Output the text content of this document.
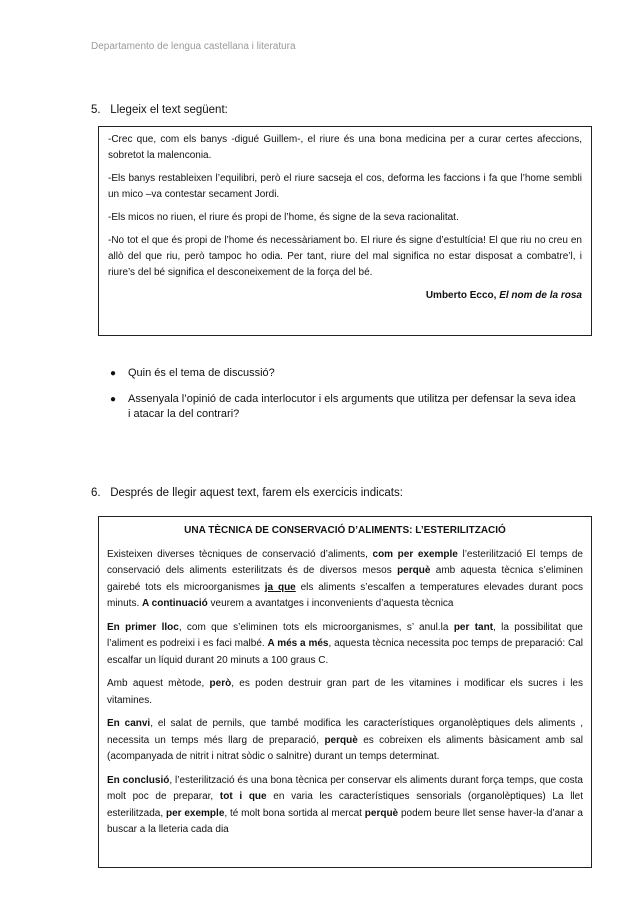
Departamento de lengua castellana i literatura
5. Llegeix el text següent:

-Crec que, com els banys -digué Guillem-, el riure és una bona medicina per a curar certes afeccions, sobretot la malenconia.

-Els banys restableixen l’equilibri, però el riure sacseja el cos, deforma les faccions i fa que l’home sembli un mico –va contestar secament Jordi.

-Els micos no riuen, el riure és propi de l’home, és signe de la seva racionalitat.

-No tot el que és propi de l’home és necessàriament bo. El riure és signe d’estultícia! El que riu no creu en allò del que riu, però tampoc ho odia. Per tant, riure del mal significa no estar disposat a combatre’l, i riure’s del bé significa el desconeixement de la força del bé.

Umberto Ecco, El nom de la rosa

● Quin és el tema de discussió?
● Assenyala l’opinió de cada interlocutor i els arguments que utilitza per defensar la seva idea i atacar la del contrari?
6. Després de llegir aquest text, farem els exercicis indicats:

UNA TÈCNICA DE CONSERVACIÓ D’ALIMENTS: L’ESTERILITZACIÓ

Existeixen diverses tècniques de conservació d’aliments, com per exemple l’esterilització El temps de conservació dels aliments esterilitzats és de diversos mesos perquè amb aquesta tècnica s’eliminen gairebé tots els microorganismes ja que els aliments s’escalfen a temperatures elevades durant pocs minuts. A continuació veurem a avantatges i inconvenients d’aquesta tècnica

En primer lloc, com que s’eliminen tots els microorganismes, s’ anul.la per tant, la possibilitat que l’aliment es podreixi i es faci malbé. A més a més, aquesta tècnica necessita poc temps de preparació: Cal escalfar un líquid durant 20 minuts a 100 graus C.

Amb aquest mètode, però, es poden destruir gran part de les vitamines i modificar els sucres i les vitamines.

En canvi, el salat de pernils, que també modifica les característiques organolèptiques dels aliments , necessita un temps més llarg de preparació, perquè es cobreixen els aliments bàsicament amb sal (acompanyada de nitrit i nitrat sòdic o salnitre) durant un temps determinat.

En conclusió, l’esterilització és una bona tècnica per conservar els aliments durant força temps, que costa molt poc de preparar, tot i que en varia les característiques sensorials (organolèptiques) La llet esterilitzada, per exemple, té molt bona sortida al mercat perquè podem beure llet sense haver-la d’anar a buscar a la lleteria cada dia
